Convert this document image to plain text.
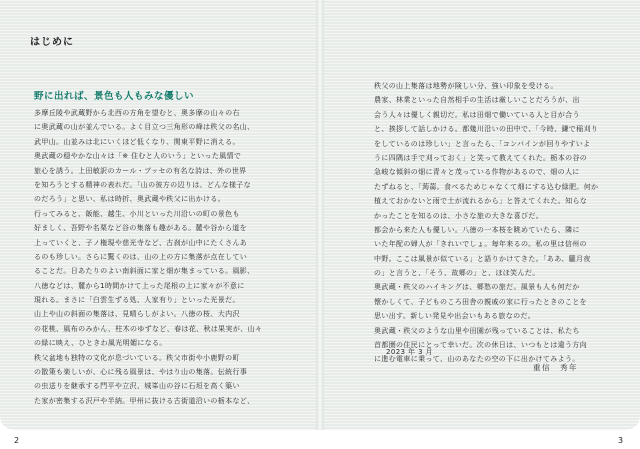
はじめに
野に出れば、景色も人もみな優しい
多摩丘陵や武蔵野から北西の方角を望むと、奥多摩の山々の右
に奥武蔵の山が並んでいる。よく目立つ三角形の峰は秩父の名山、
武甲山。山並みは北にいくほど低くなり、関東平野に消える。
奥武蔵の穏やかな山々は「※ 住むと人のいう」といった風情で
旅心を誘う。上田敏訳のカール・ブッセの有名な詩は、外の世界
を知ろうとする精神の表れだ。「山の彼方の辺りは、どんな様子な
のだろう」と思い、私は時折、奥武蔵や秩父に出かける。
行ってみると、飯能、越生、小川といった川沿いの町の景色も
好ましく、吾野や名栗など谷の集落も趣がある。麓や谷から道を
上っていくと、子ノ権現や慈光寺など、古刹が山中にたくさんあ
るのも珍しい。さらに驚くのは、山の上の方に集落が点在してい
ることだ。日あたりのよい南斜面に家と畑が集まっている。風影、
八徳などは、麓から1時間かけて上った尾根の上に家々が不意に
現れる。まさに「白雲生ずる処、人家有り」といった光景だ。
山上や山の斜面の集落は、見晴らしがよい。八徳の桜、大内沢
の花桃、風布のみかん、柱木のゆずなど、春は花、秋は果実が、山々
の緑に映え、ひときわ風光明媚になる。
秩父盆地も独特の文化が息づいている。秩父市街や小鹿野の町
の散策も楽しいが、心に残る風景は、やはり山の集落。伝統行事
の虫送りを継承する門平や立沢、城峯山の谷に石垣を高く築い
た家が密集する沢戸や半納。甲州に抜ける古街道沿いの栃本など、
秩父の山上集落は地勢が険しい分、強い印象を受ける。
農家、林業といった自然相手の生活は厳しいことだろうが、出
会う人々は優しく親切だ。私は田畑で働いている人と目が合う
と、挨拶して話しかける。都幾川沿いの田中で、「今時、鎌で稲刈り
をしているのは珍しい」と言ったら、「コンバインが回りやすいよ
うに四隅は手で刈っておく」と笑って教えてくれた。栃本の谷の
急峻な傾斜の畑に青々と茂っている作物があるので、畑の人に
たずねると、「蒟蒻。食べるためじゃなくて畑にする込む緑肥。何か
植えておかないと雨で土が流れるから」と答えてくれた。知らな
かったことを知るのは、小さな旅の大きな喜びだ。
都会から来た人も優しい。八徳の一本桜を眺めていたら、隣に
いた年配の婦人が「きれいでしょ。毎年来るの。私の里は信州の
中野。ここは風景が似ている」と語りかけてきた。「ああ、朧月夜
の」と言うと、「そう、故郷の」と、ほほ笑んだ。
奥武蔵・秩父のハイキングは、郷愁の旅だ。風景も人も何だか
懐かしくて、子どものころ田舎の親戚の家に行ったときのことを
思い出す。新しい発見や出会いもある旅なのだ。
奥武蔵・秩父のような山里や田園が残っていることは、私たち
首都圏の住民にとって幸いだ。次の休日は、いつもとは違う方向
に進む電車に乗って、山のあなたの空の下に出かけてみよう。
2023 年 3 月
重信　秀年
2	3
